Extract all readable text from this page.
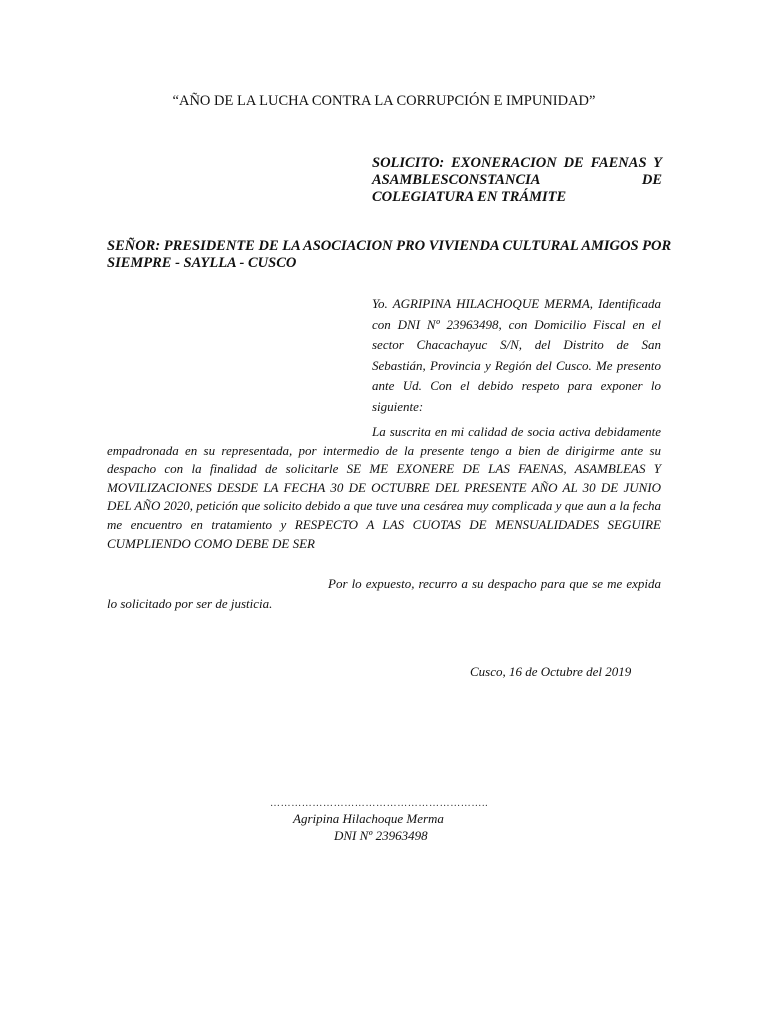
“AÑO DE LA LUCHA CONTRA LA CORRUPCIÓN E IMPUNIDAD”
SOLICITO: EXONERACION DE FAENAS Y ASAMBLESCONSTANCIA DE COLEGIATURA EN TRÁMITE
SEÑOR: PRESIDENTE DE LA ASOCIACION PRO VIVIENDA CULTURAL AMIGOS POR SIEMPRE - SAYLLA - CUSCO
Yo. AGRIPINA HILACHOQUE MERMA, Identificada con DNI Nº 23963498, con Domicilio Fiscal en el sector Chacachayuc S/N, del Distrito de San Sebastián, Provincia y Región del Cusco. Me presento ante Ud. Con el debido respeto para exponer lo siguiente:
La suscrita en mi calidad de socia activa debidamente empadronada en su representada, por intermedio de la presente tengo a bien de dirigirme ante su despacho con la finalidad de solicitarle SE ME EXONERE DE LAS FAENAS, ASAMBLEAS Y MOVILIZACIONES DESDE LA FECHA 30 DE OCTUBRE DEL PRESENTE AÑO AL 30 DE JUNIO DEL AÑO 2020, petición que solicito debido a que tuve una cesárea muy complicada y que aun a la fecha me encuentro en tratamiento y RESPECTO A LAS CUOTAS DE MENSUALIDADES SEGUIRE CUMPLIENDO COMO DEBE DE SER
Por lo expuesto, recurro a su despacho para que se me expida lo solicitado por ser de justicia.
Cusco, 16 de Octubre del 2019
……………………………………………………..
Agripina Hilachoque Merma
DNI Nº 23963498
